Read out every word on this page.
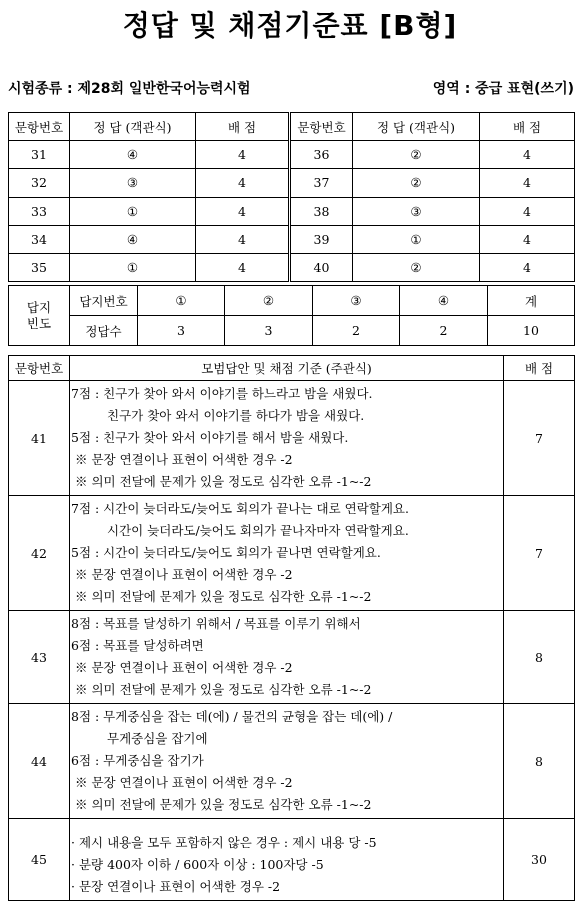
정답 및 채점기준표 [B형]
시험종류 : 제28회 일반한국어능력시험	영역 : 중급 표현(쓰기)
문항번호	정 답 (객관식)	배 점	문항번호	정 답 (객관식)	배 점
31	④	4	36	②	4
32	③	4	37	②	4
33	①	4	38	③	4
34	④	4	39	①	4
35	①	4	40	②	4
답지
빈도	답지번호	①	②	③	④	계
	정답수	3	3	2	2	10
문항번호	모범답안 및 채점 기준 (주관식)	배 점
41	7점 : 친구가 찾아 와서 이야기를 하느라고 밤을 새웠다.
친구가 찾아 와서 이야기를 하다가 밤을 새웠다.
5점 : 친구가 찾아 와서 이야기를 해서 밤을 새웠다.
※ 문장 연결이나 표현이 어색한 경우 -2
※ 의미 전달에 문제가 있을 정도로 심각한 오류 -1~-2	7
42	7점 : 시간이 늦더라도/늦어도 회의가 끝나는 대로 연락할게요.
시간이 늦더라도/늦어도 회의가 끝나자마자 연락할게요.
5점 : 시간이 늦더라도/늦어도 회의가 끝나면 연락할게요.
※ 문장 연결이나 표현이 어색한 경우 -2
※ 의미 전달에 문제가 있을 정도로 심각한 오류 -1~-2	7
43	8점 : 목표를 달성하기 위해서 / 목표를 이루기 위해서
6점 : 목표를 달성하려면
※ 문장 연결이나 표현이 어색한 경우 -2
※ 의미 전달에 문제가 있을 정도로 심각한 오류 -1~-2	8
44	8점 : 무게중심을 잡는 데(에) / 물건의 균형을 잡는 데(에) /
무게중심을 잡기에
6점 : 무게중심을 잡기가
※ 문장 연결이나 표현이 어색한 경우 -2
※ 의미 전달에 문제가 있을 정도로 심각한 오류 -1~-2	8
45	· 제시 내용을 모두 포함하지 않은 경우 : 제시 내용 당 -5
· 분량 400자 이하 / 600자 이상 : 100자당 -5
· 문장 연결이나 표현이 어색한 경우 -2	30
